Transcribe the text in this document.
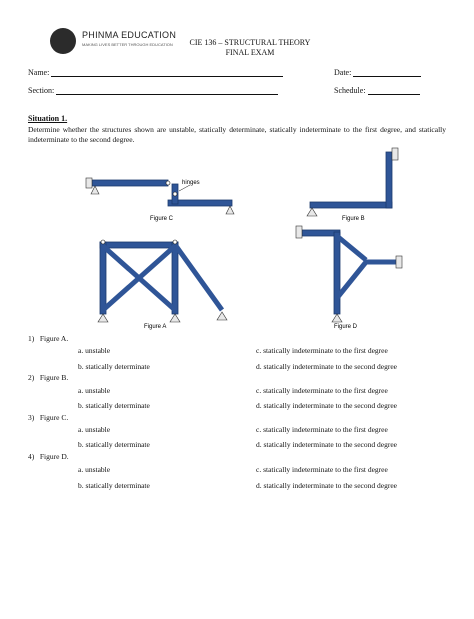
PHINMA EDUCATION
MAKING LIVES BETTER THROUGH EDUCATION	CIE 136 – STRUCTURAL THEORY
FINAL EXAM
Name:	Date:
Section:	Schedule:
Situation 1.
Determine whether the structures shown are unstable, statically determinate, statically indeterminate to the first degree, and statically indeterminate to the second degree.
hinges
Figure C	Figure B
Figure A	Figure D
1) Figure A.
a. unstable	c. statically indeterminate to the first degree
b. statically determinate	d. statically indeterminate to the second degree
2) Figure B.
a. unstable	c. statically indeterminate to the first degree
b. statically determinate	d. statically indeterminate to the second degree
3) Figure C.
a. unstable	c. statically indeterminate to the first degree
b. statically determinate	d. statically indeterminate to the second degree
4) Figure D.
a. unstable	c. statically indeterminate to the first degree
b. statically determinate	d. statically indeterminate to the second degree
